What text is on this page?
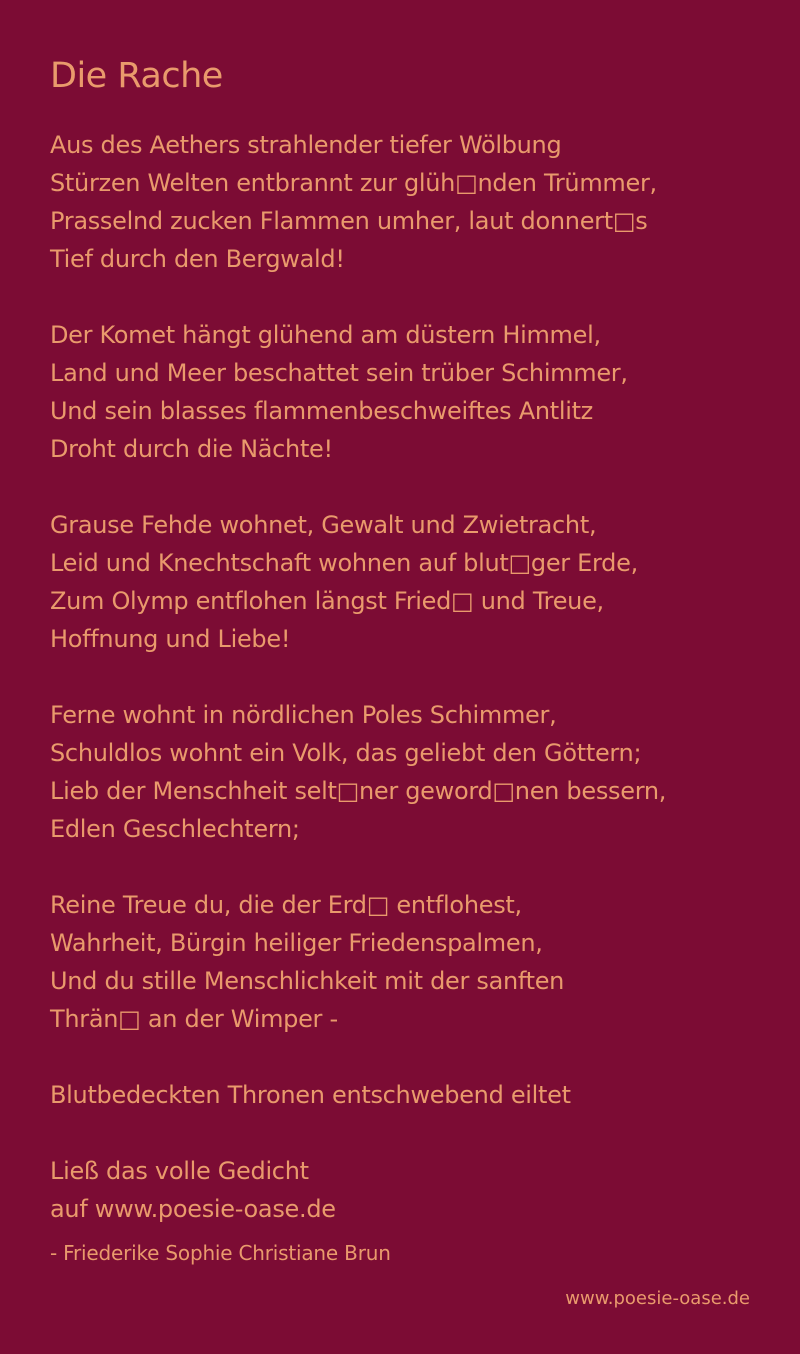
Die Rache
Aus des Aethers strahlender tiefer Wölbung
Stürzen Welten entbrannt zur glüh□nden Trümmer,
Prasselnd zucken Flammen umher, laut donnert□s
Tief durch den Bergwald!
Der Komet hängt glühend am düstern Himmel,
Land und Meer beschattet sein trüber Schimmer,
Und sein blasses flammenbeschweiftes Antlitz
Droht durch die Nächte!
Grause Fehde wohnet, Gewalt und Zwietracht,
Leid und Knechtschaft wohnen auf blut□ger Erde,
Zum Olymp entflohen längst Fried□ und Treue,
Hoffnung und Liebe!
Ferne wohnt in nördlichen Poles Schimmer,
Schuldlos wohnt ein Volk, das geliebt den Göttern;
Lieb der Menschheit selt□ner geword□nen bessern,
Edlen Geschlechtern;
Reine Treue du, die der Erd□ entflohest,
Wahrheit, Bürgin heiliger Friedenspalmen,
Und du stille Menschlichkeit mit der sanften
Thrän□ an der Wimper -
Blutbedeckten Thronen entschwebend eiltet
Ließ das volle Gedicht
auf www.poesie-oase.de
- Friederike Sophie Christiane Brun
www.poesie-oase.de
